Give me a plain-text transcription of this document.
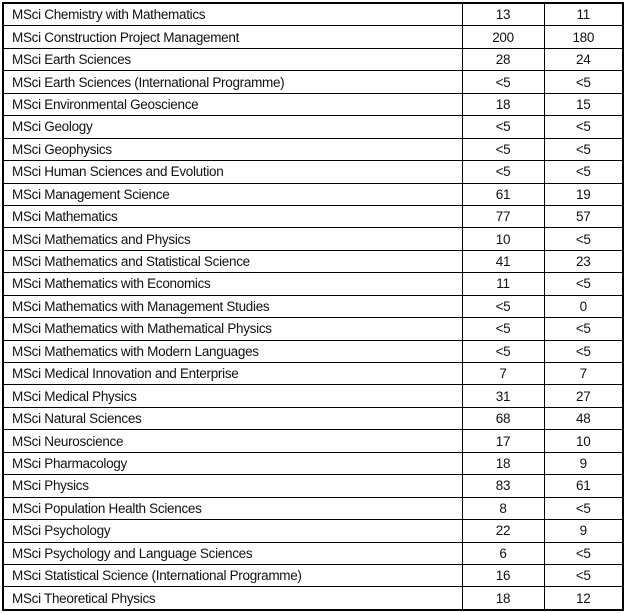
MSci Chemistry with Mathematics	13	11
MSci Construction Project Management	200	180
MSci Earth Sciences	28	24
MSci Earth Sciences (International Programme)	<5	<5
MSci Environmental Geoscience	18	15
MSci Geology	<5	<5
MSci Geophysics	<5	<5
MSci Human Sciences and Evolution	<5	<5
MSci Management Science	61	19
MSci Mathematics	77	57
MSci Mathematics and Physics	10	<5
MSci Mathematics and Statistical Science	41	23
MSci Mathematics with Economics	11	<5
MSci Mathematics with Management Studies	<5	0
MSci Mathematics with Mathematical Physics	<5	<5
MSci Mathematics with Modern Languages	<5	<5
MSci Medical Innovation and Enterprise	7	7
MSci Medical Physics	31	27
MSci Natural Sciences	68	48
MSci Neuroscience	17	10
MSci Pharmacology	18	9
MSci Physics	83	61
MSci Population Health Sciences	8	<5
MSci Psychology	22	9
MSci Psychology and Language Sciences	6	<5
MSci Statistical Science (International Programme)	16	<5
MSci Theoretical Physics	18	12
